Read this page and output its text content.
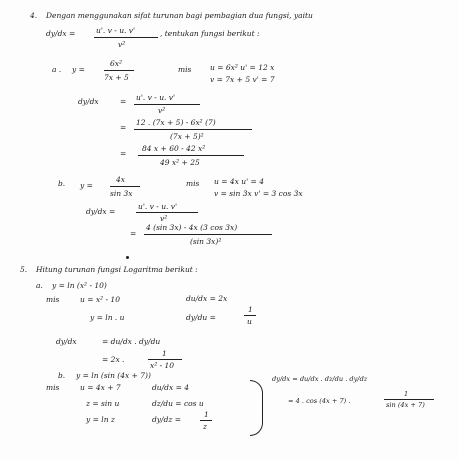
4. Dengan menggunakan sifat turunan bagi pembagian dua fungsi, yaitu
dy/dx =	u'. v - u. v'
v²
, tentukan fungsi berikut :
a . y =
6x²
7x + 5
mis u = 6x² u' = 12 x
v = 7x + 5 v' = 7
dy/dx	= u'. v - u. v'
v²
=
12 . (7x + 5) - 6x² (7)
(7x + 5)²
=
84 x + 60 - 42 x²
49 x² + 25
b. y =
4x
sin 3x
mis u = 4x u' = 4
v = sin 3x v' = 3 cos 3x
dy/dx =
u'. v - u. v'
v²
=
4 (sin 3x) - 4x (3 cos 3x)
(sin 3x)²
5. Hitung turunan fungsi Logaritma berikut :
a. y = ln (x² - 10)
mis	u = x² - 10	du/dx = 2x
y = ln . u	dy/du =
1
u
dy/dx	= du/dx . dy/du
= 2x .
1
x² - 10
b. y = ln (sin (4x + 7))
mis	u = 4x + 7	du/dx = 4
z = sin u	dz/du = cos u
y = ln z	dy/dz =
1
z
dy/dx = du/dx . dz/du . dy/dz
= 4 . cos (4x + 7) .
1
sin (4x + 7)
